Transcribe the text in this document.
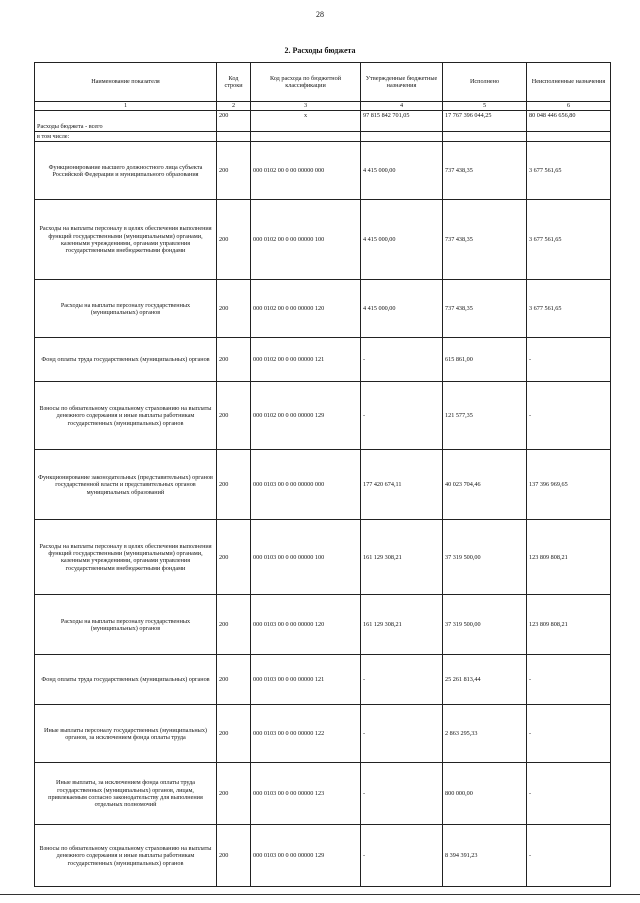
28
2. Расходы бюджета
Наименование показателя	Код строки	Код расхода по бюджетной классификации	Утвержденные бюджетные назначения	Исполнено	Неисполненные назначения
1	2	3	4	5	6
Расходы бюджета - всего	200	x	97 815 842 701,05	17 767 396 044,25	80 048 446 656,80
в том числе:					
Функционирование высшего должностного лица субъекта Российской Федерации и муниципального образования	200	000 0102 00 0 00 00000 000	4 415 000,00	737 438,35	3 677 561,65
Расходы на выплаты персоналу в целях обеспечения выполнения функций государственными (муниципальными) органами, казенными учреждениями, органами управления государственными внебюджетными фондами	200	000 0102 00 0 00 00000 100	4 415 000,00	737 438,35	3 677 561,65
Расходы на выплаты персоналу государственных (муниципальных) органов	200	000 0102 00 0 00 00000 120	4 415 000,00	737 438,35	3 677 561,65
Фонд оплаты труда государственных (муниципальных) органов	200	000 0102 00 0 00 00000 121	-	615 861,00	-
Взносы по обязательному социальному страхованию на выплаты денежного содержания и иные выплаты работникам государственных (муниципальных) органов	200	000 0102 00 0 00 00000 129	-	121 577,35	-
Функционирование законодательных (представительных) органов государственной власти и представительных органов муниципальных образований	200	000 0103 00 0 00 00000 000	177 420 674,11	40 023 704,46	137 396 969,65
Расходы на выплаты персоналу в целях обеспечения выполнения функций государственными (муниципальными) органами, казенными учреждениями, органами управления государственными внебюджетными фондами	200	000 0103 00 0 00 00000 100	161 129 308,21	37 319 500,00	123 809 808,21
Расходы на выплаты персоналу государственных (муниципальных) органов	200	000 0103 00 0 00 00000 120	161 129 308,21	37 319 500,00	123 809 808,21
Фонд оплаты труда государственных (муниципальных) органов	200	000 0103 00 0 00 00000 121	-	25 261 813,44	-
Иные выплаты персоналу государственных (муниципальных) органов, за исключением фонда оплаты труда	200	000 0103 00 0 00 00000 122	-	2 863 295,33	-
Иные выплаты, за исключением фонда оплаты труда государственных (муниципальных) органов, лицам, привлекаемым согласно законодательству для выполнения отдельных полномочий	200	000 0103 00 0 00 00000 123	-	800 000,00	-
Взносы по обязательному социальному страхованию на выплаты денежного содержания и иные выплаты работникам государственных (муниципальных) органов	200	000 0103 00 0 00 00000 129	-	8 394 391,23	-
